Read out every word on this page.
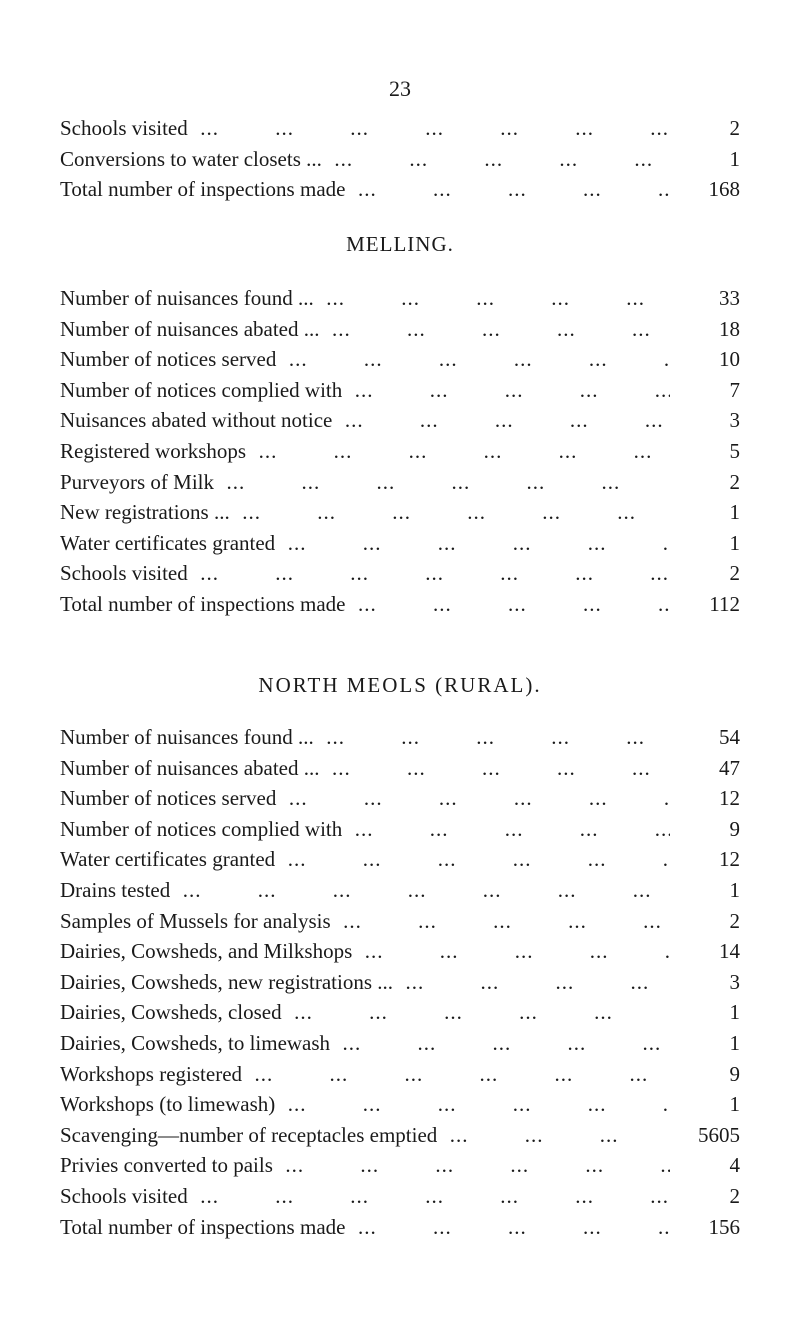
23
Schools visited ...	2
Conversions to water closets ... ...	1
Total number of inspections made ...	168
MELLING.
Number of nuisances found ... ...	33
Number of nuisances abated ... ...	18
Number of notices served ...	10
Number of notices complied with ...	7
Nuisances abated without notice ...	3
Registered workshops ...	5
Purveyors of Milk ...	2
New registrations ... ...	1
Water certificates granted ...	1
Schools visited ...	2
Total number of inspections made ...	112
NORTH MEOLS (RURAL).
Number of nuisances found ... ...	54
Number of nuisances abated ... ...	47
Number of notices served ...	12
Number of notices complied with ...	9
Water certificates granted ...	12
Drains tested ...	1
Samples of Mussels for analysis ...	2
Dairies, Cowsheds, and Milkshops ...	14
Dairies, Cowsheds, new registrations ... ...	3
Dairies, Cowsheds, closed ...	1
Dairies, Cowsheds, to limewash ...	1
Workshops registered ...	9
Workshops (to limewash) ...	1
Scavenging—number of receptacles emptied ...	5605
Privies converted to pails ...	4
Schools visited ...	2
Total number of inspections made ...	156
